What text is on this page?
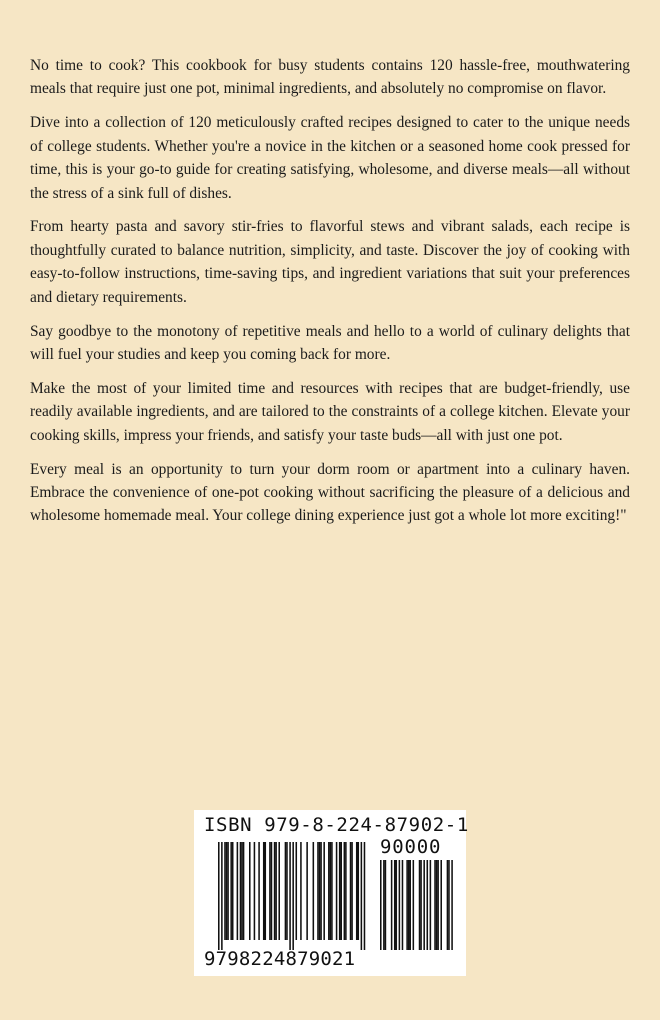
No time to cook? This cookbook for busy students contains 120 hassle-free, mouthwatering meals that require just one pot, minimal ingredients, and absolutely no compromise on flavor.

Dive into a collection of 120 meticulously crafted recipes designed to cater to the unique needs of college students. Whether you're a novice in the kitchen or a seasoned home cook pressed for time, this is your go-to guide for creating satisfying, wholesome, and diverse meals—all without the stress of a sink full of dishes.

From hearty pasta and savory stir-fries to flavorful stews and vibrant salads, each recipe is thoughtfully curated to balance nutrition, simplicity, and taste. Discover the joy of cooking with easy-to-follow instructions, time-saving tips, and ingredient variations that suit your preferences and dietary requirements.

Say goodbye to the monotony of repetitive meals and hello to a world of culinary delights that will fuel your studies and keep you coming back for more.

Make the most of your limited time and resources with recipes that are budget-friendly, use readily available ingredients, and are tailored to the constraints of a college kitchen. Elevate your cooking skills, impress your friends, and satisfy your taste buds—all with just one pot.

Every meal is an opportunity to turn your dorm room or apartment into a culinary haven. Embrace the convenience of one-pot cooking without sacrificing the pleasure of a delicious and wholesome homemade meal. Your college dining experience just got a whole lot more exciting!"

ISBN 979-8-224-87902-1
90000
9798224879021
